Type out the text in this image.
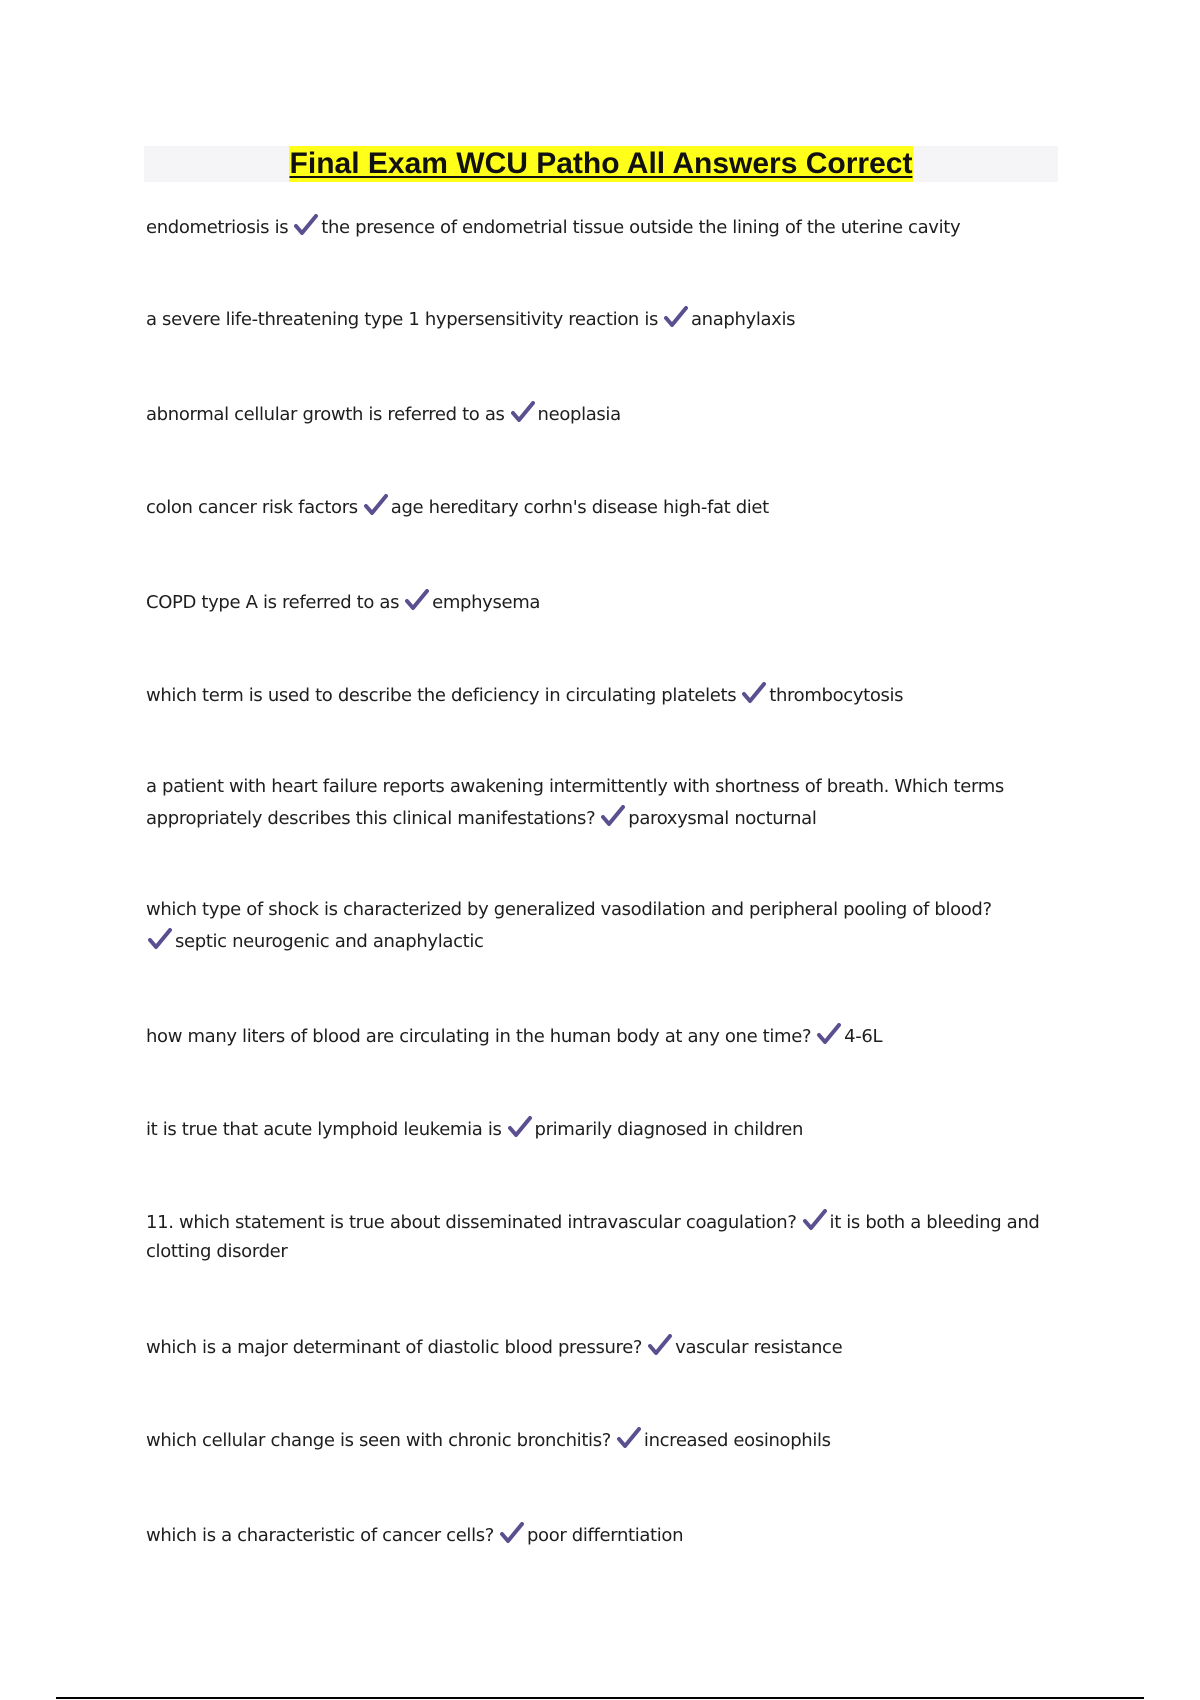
Final Exam WCU Patho All Answers Correct
endometriosis is the presence of endometrial tissue outside the lining of the uterine cavity
a severe life-threatening type 1 hypersensitivity reaction is anaphylaxis
abnormal cellular growth is referred to as neoplasia
colon cancer risk factors age hereditary corhn's disease high-fat diet
COPD type A is referred to as emphysema
which term is used to describe the deficiency in circulating platelets thrombocytosis
a patient with heart failure reports awakening intermittently with shortness of breath. Which terms appropriately describes this clinical manifestations? paroxysmal nocturnal
which type of shock is characterized by generalized vasodilation and peripheral pooling of blood?
septic neurogenic and anaphylactic
how many liters of blood are circulating in the human body at any one time? 4-6L
it is true that acute lymphoid leukemia is primarily diagnosed in children
11. which statement is true about disseminated intravascular coagulation? it is both a bleeding and clotting disorder
which is a major determinant of diastolic blood pressure? vascular resistance
which cellular change is seen with chronic bronchitis? increased eosinophils
which is a characteristic of cancer cells? poor differntiation
